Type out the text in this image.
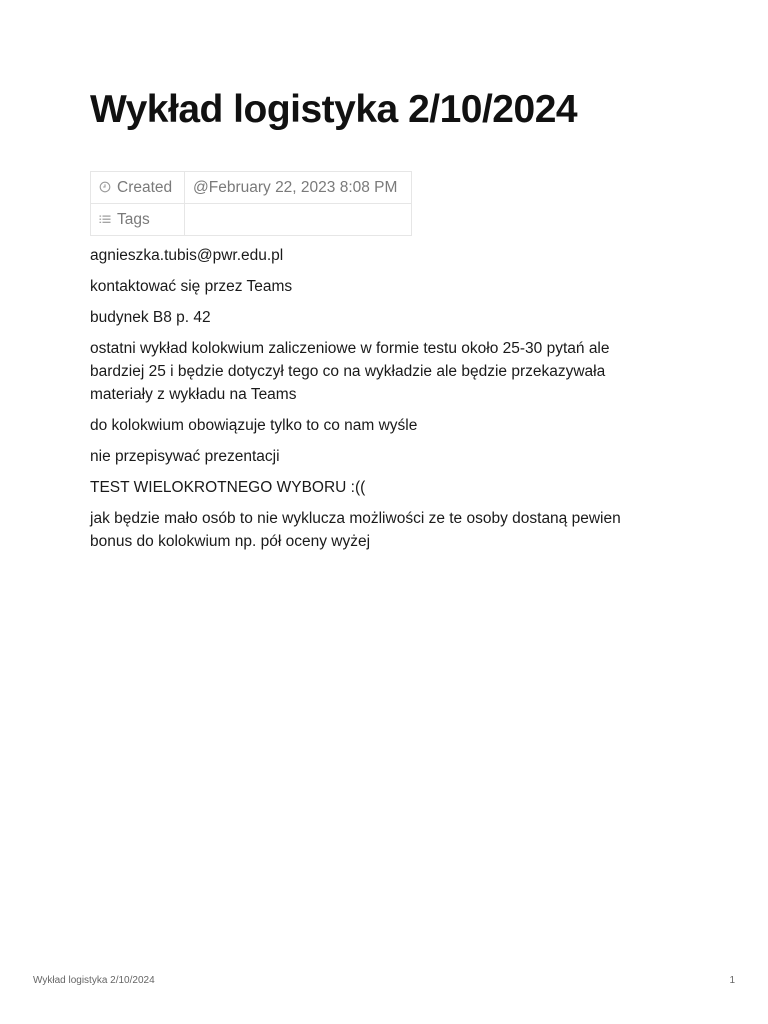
Wykład logistyka 2/10/2024
Created	@February 22, 2023 8:08 PM
Tags	

agnieszka.tubis@pwr.edu.pl

kontaktować się przez Teams

budynek B8 p. 42

ostatni wykład kolokwium zaliczeniowe w formie testu około 25-30 pytań ale bardziej 25 i będzie dotyczył tego co na wykładzie ale będzie przekazywała materiały z wykładu na Teams

do kolokwium obowiązuje tylko to co nam wyśle

nie przepisywać prezentacji

TEST WIELOKROTNEGO WYBORU :((

jak będzie mało osób to nie wyklucza możliwości ze te osoby dostaną pewien bonus do kolokwium np. pół oceny wyżej

Wykład logistyka 2/10/2024	1
